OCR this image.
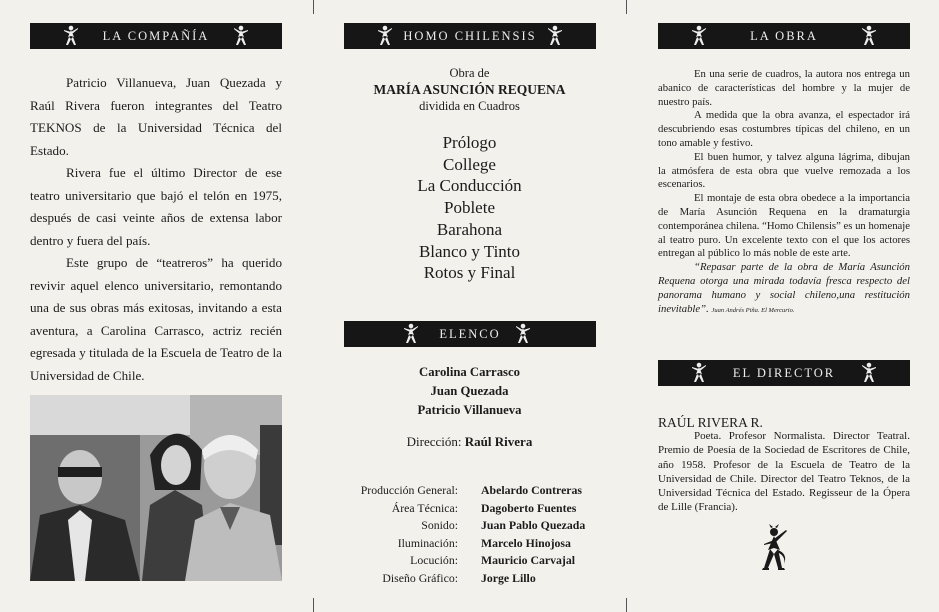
LA COMPAÑÍA

Patricio Villanueva, Juan Quezada y Raúl Rivera fueron integrantes del Teatro TEKNOS de la Universidad Técnica del Estado.

Rivera fue el último Director de ese teatro universitario que bajó el telón en 1975, después de casi veinte años de extensa labor dentro y fuera del país.

Este grupo de “teatreros” ha querido revivir aquel elenco universitario, remontando una de sus obras más exitosas, invitando a esta aventura, a Carolina Carrasco, actriz recién egresada y titulada de la Escuela de Teatro de la Universidad de Chile.

HOMO CHILENSIS
Obra de
MARÍA ASUNCIÓN REQUENA
dividida en Cuadros
Prólogo
College
La Conducción
Poblete
Barahona
Blanco y Tinto
Rotos y Final
ELENCO
Carolina Carrasco
Juan Quezada
Patricio Villanueva
Dirección: Raúl Rivera
Producción General:	Abelardo Contreras
Área Técnica:	Dagoberto Fuentes
Sonido:	Juan Pablo Quezada
Iluminación:	Marcelo Hinojosa
Locución:	Mauricio Carvajal
Diseño Gráfico:	Jorge Lillo
LA OBRA

En una serie de cuadros, la autora nos entrega un abanico de características del hombre y la mujer de nuestro país.

A medida que la obra avanza, el espectador irá descubriendo esas costumbres típicas del chileno, en un tono amable y festivo.

El buen humor, y talvez alguna lágrima, dibujan la atmósfera de esta obra que vuelve remozada a los escenarios.

El montaje de esta obra obedece a la importancia de María Asunción Requena en la dramaturgia contemporánea chilena. “Homo Chilensis” es un homenaje al teatro puro. Un excelente texto con el que los actores entregan al público lo más noble de este arte.

“Repasar parte de la obra de María Asunción Requena otorga una mirada todavía fresca respecto del panorama humano y social chileno,una restitución inevitable”. Juan Andrés Piña. El Mercurio.

EL DIRECTOR
RAÚL RIVERA R.
Poeta. Profesor Normalista. Director Teatral. Premio de Poesía de la Sociedad de Escritores de Chile, año 1958. Profesor de la Escuela de Teatro de la Universidad de Chile. Director del Teatro Teknos, de la Universidad Técnica del Estado. Regisseur de la Ópera de Lille (Francia).
